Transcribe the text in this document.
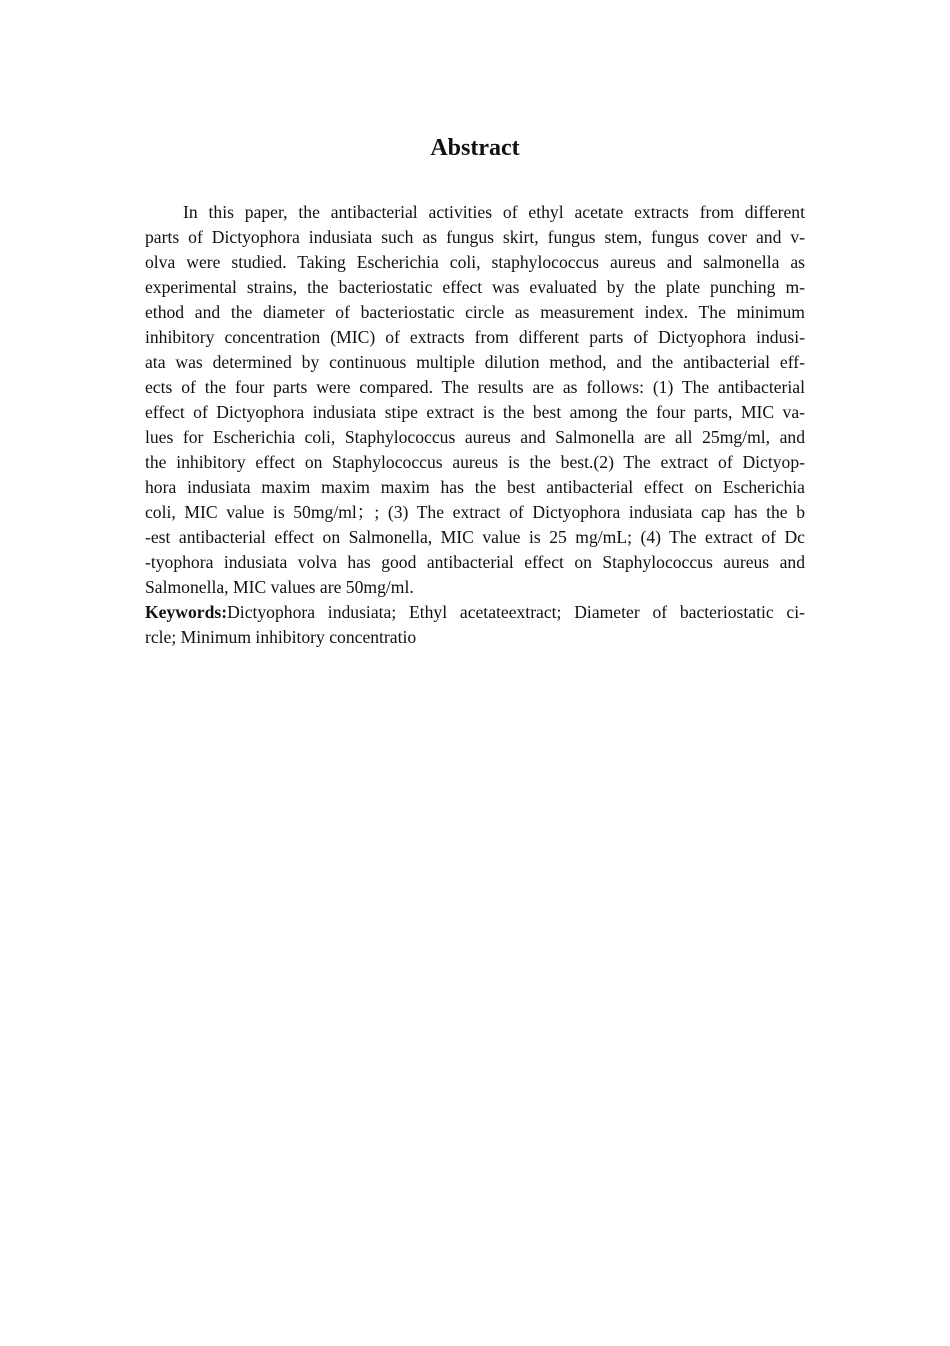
Abstract
In this paper, the antibacterial activities of ethyl acetate extracts from different
parts of Dictyophora indusiata such as fungus skirt, fungus stem, fungus cover and v-
olva were studied. Taking Escherichia coli, staphylococcus aureus and salmonella as
experimental strains, the bacteriostatic effect was evaluated by the plate punching m-
ethod and the diameter of bacteriostatic circle as measurement index. The minimum
inhibitory concentration (MIC) of extracts from different parts of Dictyophora indusi-
ata was determined by continuous multiple dilution method, and the antibacterial eff-
ects of the four parts were compared. The results are as follows: (1) The antibacterial
effect of Dictyophora indusiata stipe extract is the best among the four parts, MIC va-
lues for Escherichia coli, Staphylococcus aureus and Salmonella are all 25mg/ml, and
the inhibitory effect on Staphylococcus aureus is the best.(2) The extract of Dictyop-
hora indusiata maxim maxim maxim has the best antibacterial effect on Escherichia
coli, MIC value is 50mg/ml；; (3) The extract of Dictyophora indusiata cap has the b
-est antibacterial effect on Salmonella, MIC value is 25 mg/mL; (4) The extract of Dc
-tyophora indusiata volva has good antibacterial effect on Staphylococcus aureus and
Salmonella, MIC values are 50mg/ml.
Keywords:Dictyophora indusiata; Ethyl acetateextract; Diameter of bacteriostatic ci-
rcle; Minimum inhibitory concentratio
